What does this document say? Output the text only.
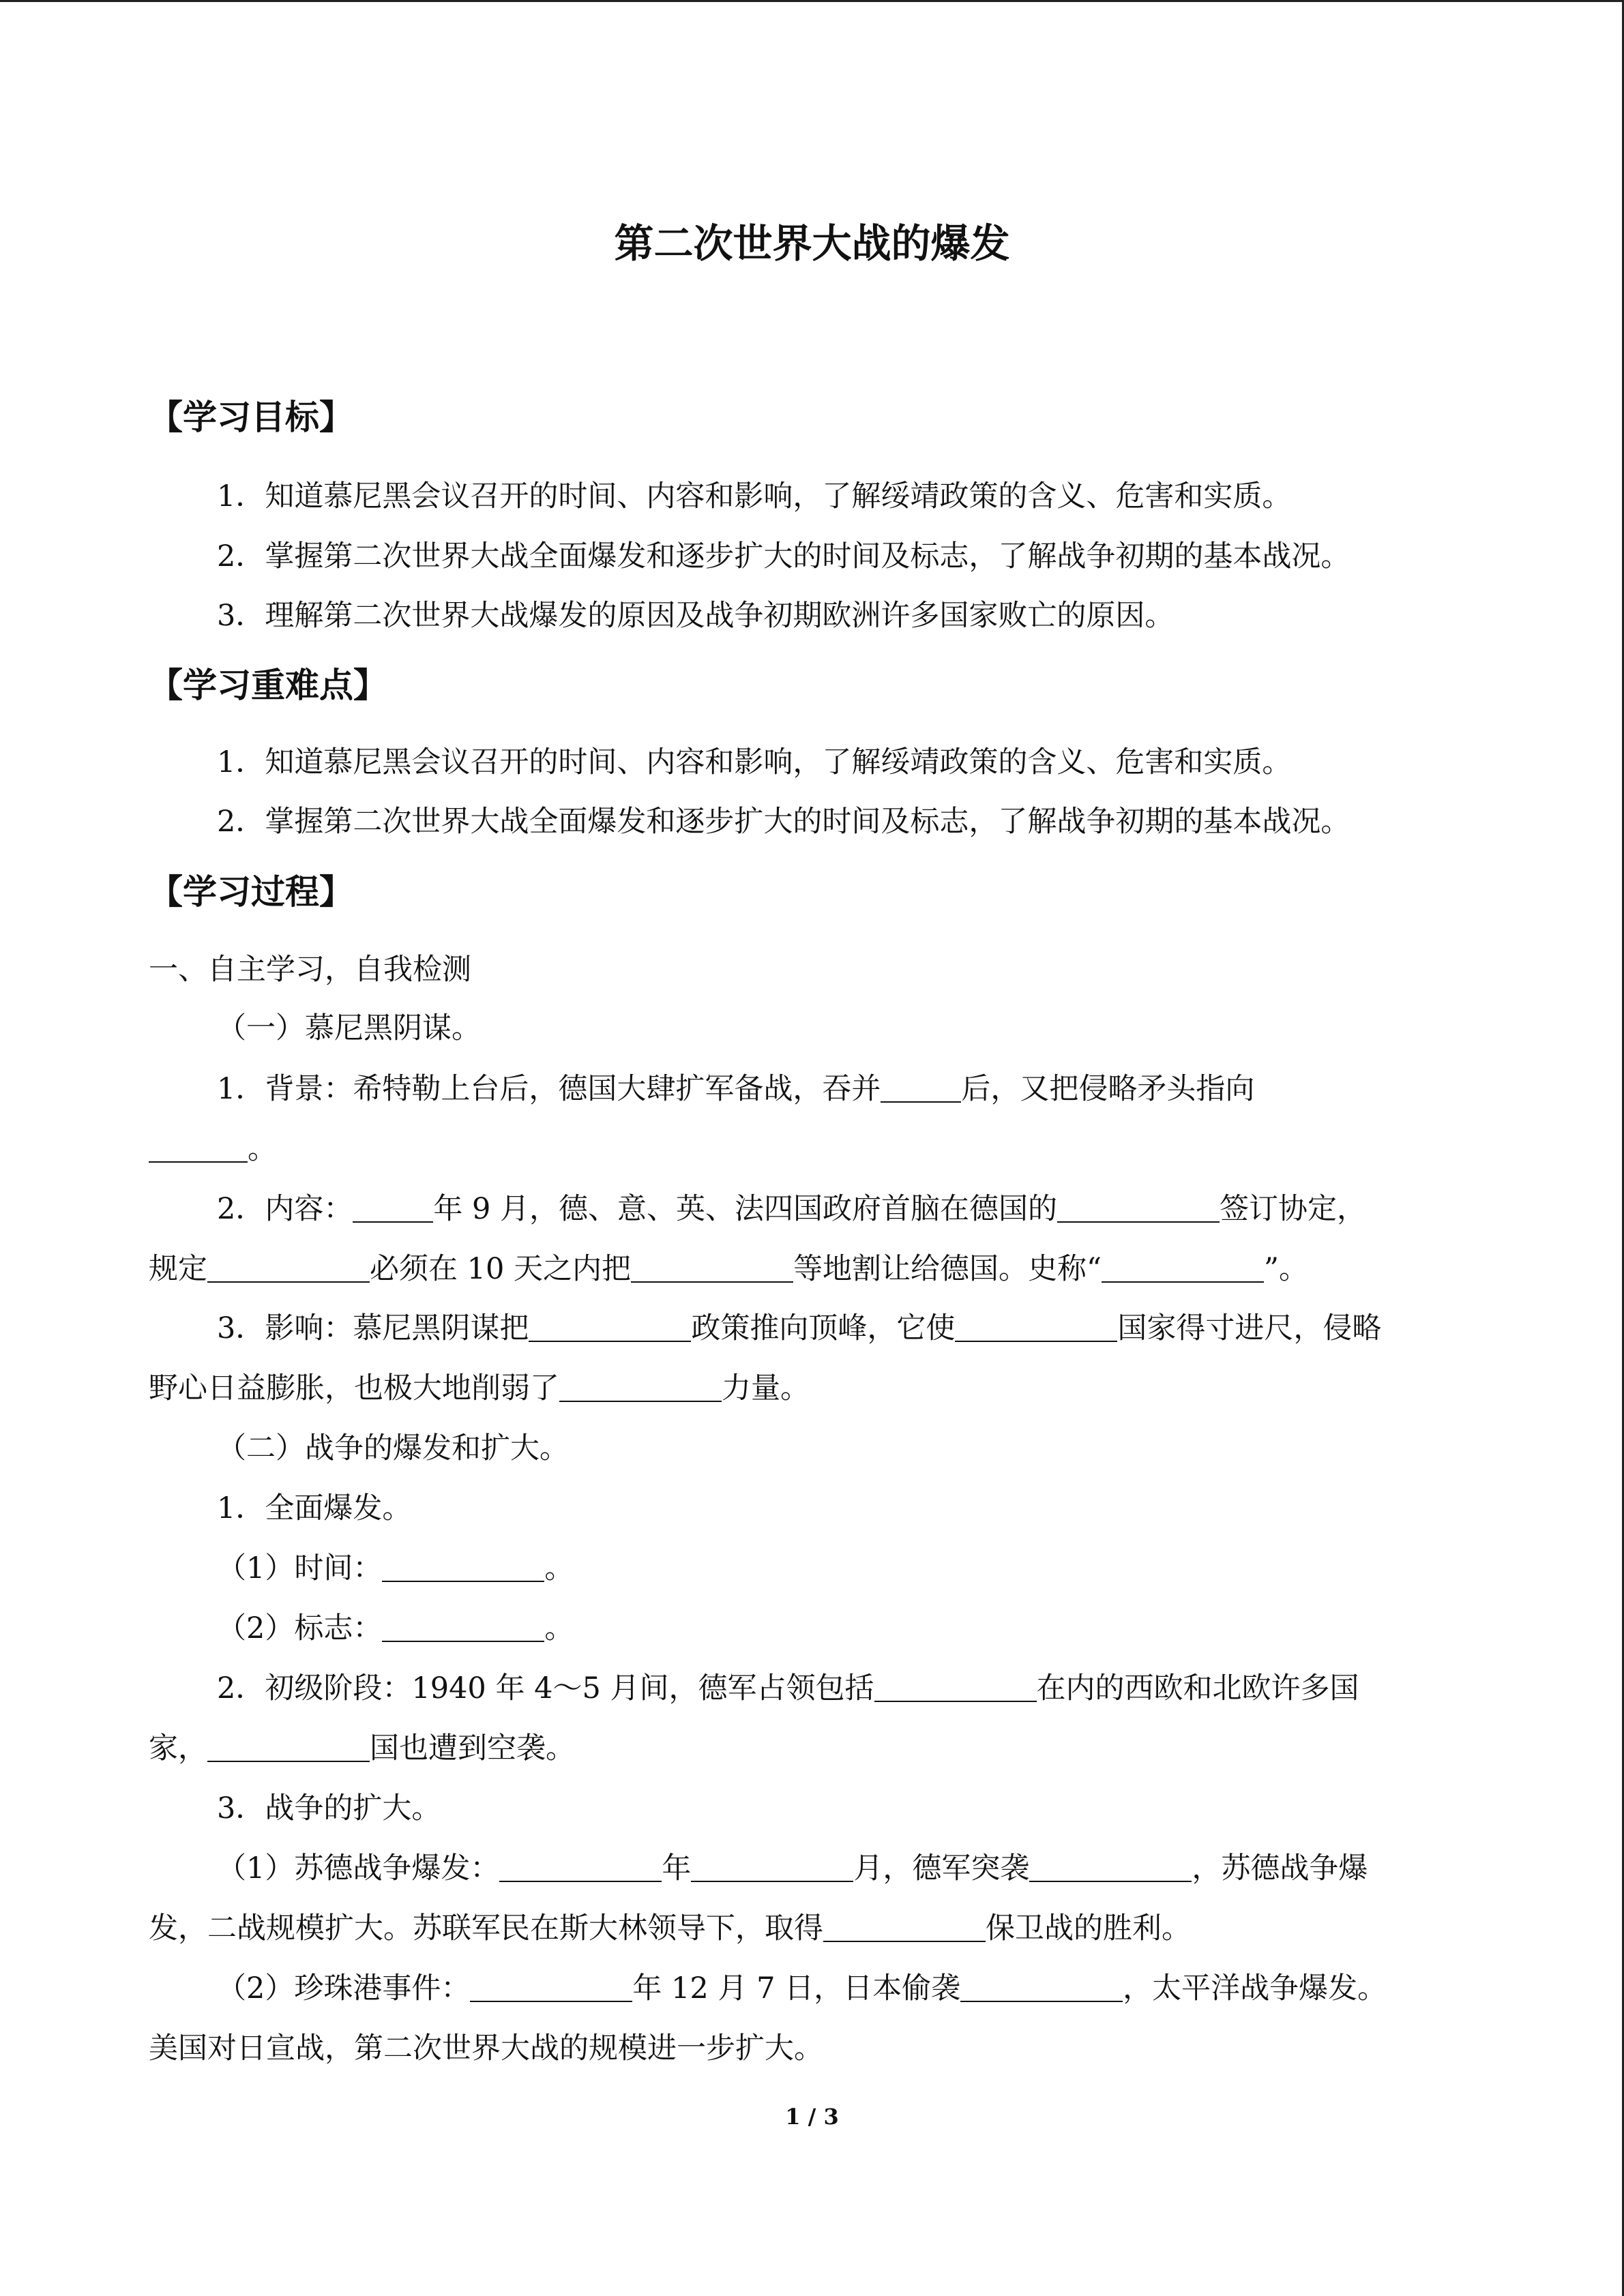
第二次世界大战的爆发
【学习目标】
1．知道慕尼黑会议召开的时间、内容和影响，了解绥靖政策的含义、危害和实质。
2．掌握第二次世界大战全面爆发和逐步扩大的时间及标志，了解战争初期的基本战况。
3．理解第二次世界大战爆发的原因及战争初期欧洲许多国家败亡的原因。
【学习重难点】
1．知道慕尼黑会议召开的时间、内容和影响，了解绥靖政策的含义、危害和实质。
2．掌握第二次世界大战全面爆发和逐步扩大的时间及标志，了解战争初期的基本战况。
【学习过程】
一、自主学习，自我检测
（一）慕尼黑阴谋。
1．背景：希特勒上台后，德国大肆扩军备战，吞并	后，又把侵略矛头指向
。
2．内容：	年 9 月，德、意、英、法四国政府首脑在德国的	签订协定，
规定	必须在 10 天之内把	等地割让给德国。史称“	”。
3．影响：慕尼黑阴谋把	政策推向顶峰，它使	国家得寸进尺，侵略
野心日益膨胀，也极大地削弱了	力量。
（二）战争的爆发和扩大。
1．全面爆发。
（1）时间：	。
（2）标志：	。
2．初级阶段：1940 年 4～5 月间，德军占领包括	在内的西欧和北欧许多国
家，	国也遭到空袭。
3．战争的扩大。
（1）苏德战争爆发：	年	月，德军突袭	，苏德战争爆
发，二战规模扩大。苏联军民在斯大林领导下，取得	保卫战的胜利。
（2）珍珠港事件：	年 12 月 7 日，日本偷袭	，太平洋战争爆发。
美国对日宣战，第二次世界大战的规模进一步扩大。
1 / 3
